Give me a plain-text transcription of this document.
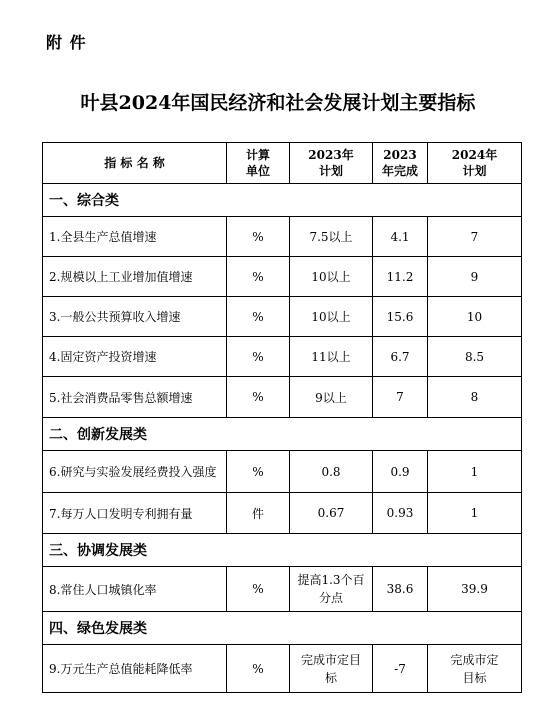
附 件
叶县2024年国民经济和社会发展计划主要指标
指 标 名 称	计算单位	2023年计划	2023年完成	2024年计划

一、综合类				
1.全县生产总值增速	%	7.5以上	4.1	7
2.规模以上工业增加值增速	%	10以上	11.2	9
3.一般公共预算收入增速	%	10以上	15.6	10
4.固定资产投资增速	%	11以上	6.7	8.5
5.社会消费品零售总额增速	%	9以上	7	8
二、创新发展类				
6.研究与实验发展经费投入强度	%	0.8	0.9	1
7.每万人口发明专利拥有量	件	0.67	0.93	1
三、协调发展类				
8.常住人口城镇化率	%	提高1.3个百分点	38.6	39.9
四、绿色发展类				
9.万元生产总值能耗降低率	%	完成市定目标	-7	完成市定目标
